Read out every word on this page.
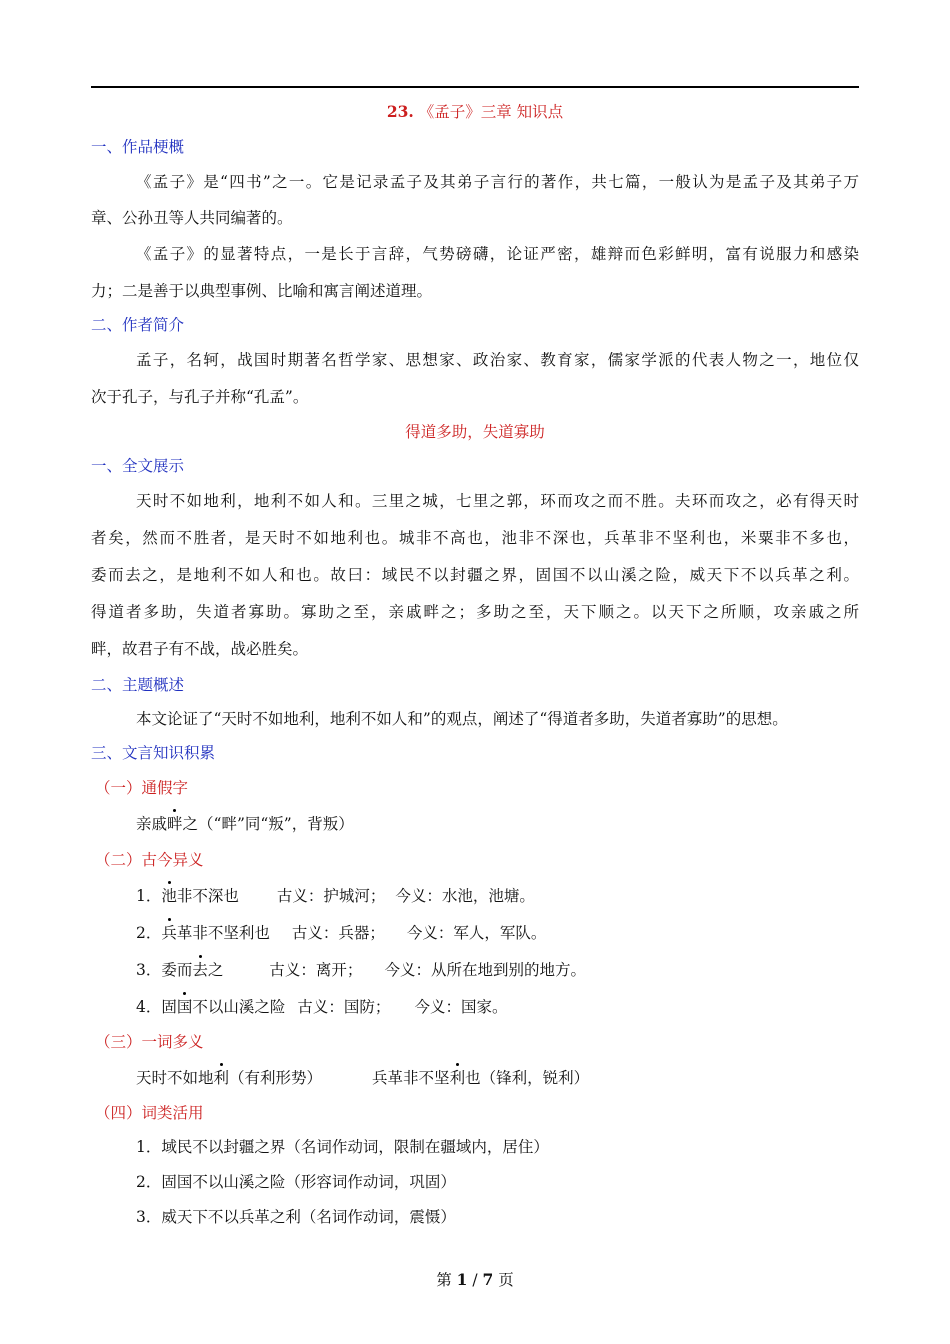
23. 《孟子》三章 知识点
一、作品梗概
《孟子》是“四书”之一。它是记录孟子及其弟子言行的著作，共七篇，一般认为是孟子及其弟子万
章、公孙丑等人共同编著的。
《孟子》的显著特点，一是长于言辞，气势磅礴，论证严密，雄辩而色彩鲜明，富有说服力和感染
力；二是善于以典型事例、比喻和寓言阐述道理。
二、作者简介
孟子，名轲，战国时期著名哲学家、思想家、政治家、教育家，儒家学派的代表人物之一，地位仅
次于孔子，与孔子并称“孔孟”。
得道多助，失道寡助
一、全文展示
天时不如地利，地利不如人和。三里之城，七里之郭，环而攻之而不胜。夫环而攻之，必有得天时
者矣，然而不胜者，是天时不如地利也。城非不高也，池非不深也，兵革非不坚利也，米粟非不多也，
委而去之，是地利不如人和也。故曰：域民不以封疆之界，固国不以山溪之险，威天下不以兵革之利。
得道者多助，失道者寡助。寡助之至，亲戚畔之；多助之至，天下顺之。以天下之所顺，攻亲戚之所
畔，故君子有不战，战必胜矣。
二、主题概述
本文论证了“天时不如地利，地利不如人和”的观点，阐述了“得道者多助，失道者寡助”的思想。
三、文言知识积累
（一）通假字
亲戚畔之（“畔”同“叛”，背叛）
（二）古今异义
1．池非不深也 古义：护城河； 今义：水池，池塘。
2．兵革非不坚利也 古义：兵器； 今义：军人，军队。
3．委而去之	古义：离开； 今义：从所在地到别的地方。
4．固国不以山溪之险 古义：国防； 今义：国家。
（三）一词多义
天时不如地利（有利形势）	兵革非不坚利也（锋利，锐利）
（四）词类活用
1．域民不以封疆之界（名词作动词，限制在疆域内，居住）
2．固国不以山溪之险（形容词作动词，巩固）
3．威天下不以兵革之利（名词作动词，震慑）
第 1 / 7 页
